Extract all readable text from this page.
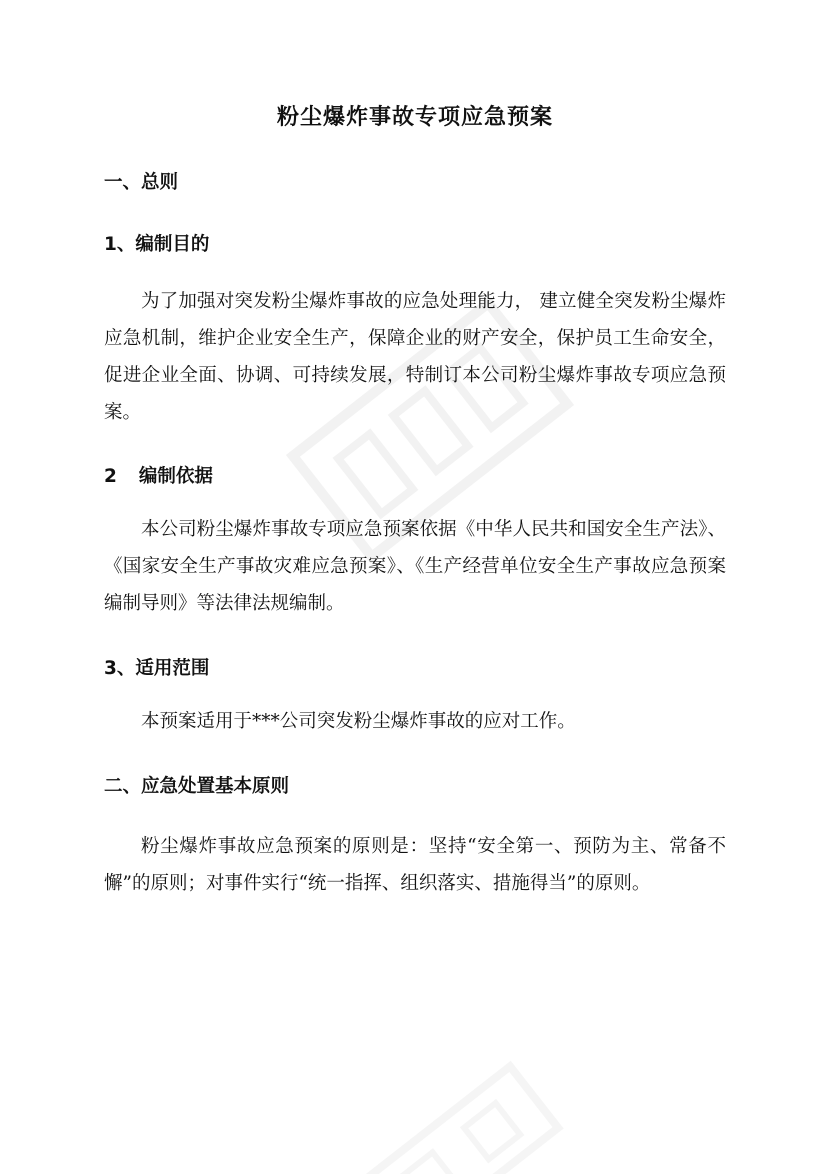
粉尘爆炸事故专项应急预案
一、总则
1、编制目的

为了加强对突发粉尘爆炸事故的应急处理能力， 建立健全突发粉尘爆炸应急机制，维护企业安全生产，保障企业的财产安全，保护员工生命安全，促进企业全面、协调、可持续发展，特制订本公司粉尘爆炸事故专项应急预案。

2 编制依据

本公司粉尘爆炸事故专项应急预案依据《中华人民共和国安全生产法》、《国家安全生产事故灾难应急预案》、《生产经营单位安全生产事故应急预案编制导则》等法律法规编制。

3、适用范围

本预案适用于***公司突发粉尘爆炸事故的应对工作。

二、应急处置基本原则

粉尘爆炸事故应急预案的原则是：坚持“安全第一、预防为主、常备不懈”的原则；对事件实行“统一指挥、组织落实、措施得当”的原则。
